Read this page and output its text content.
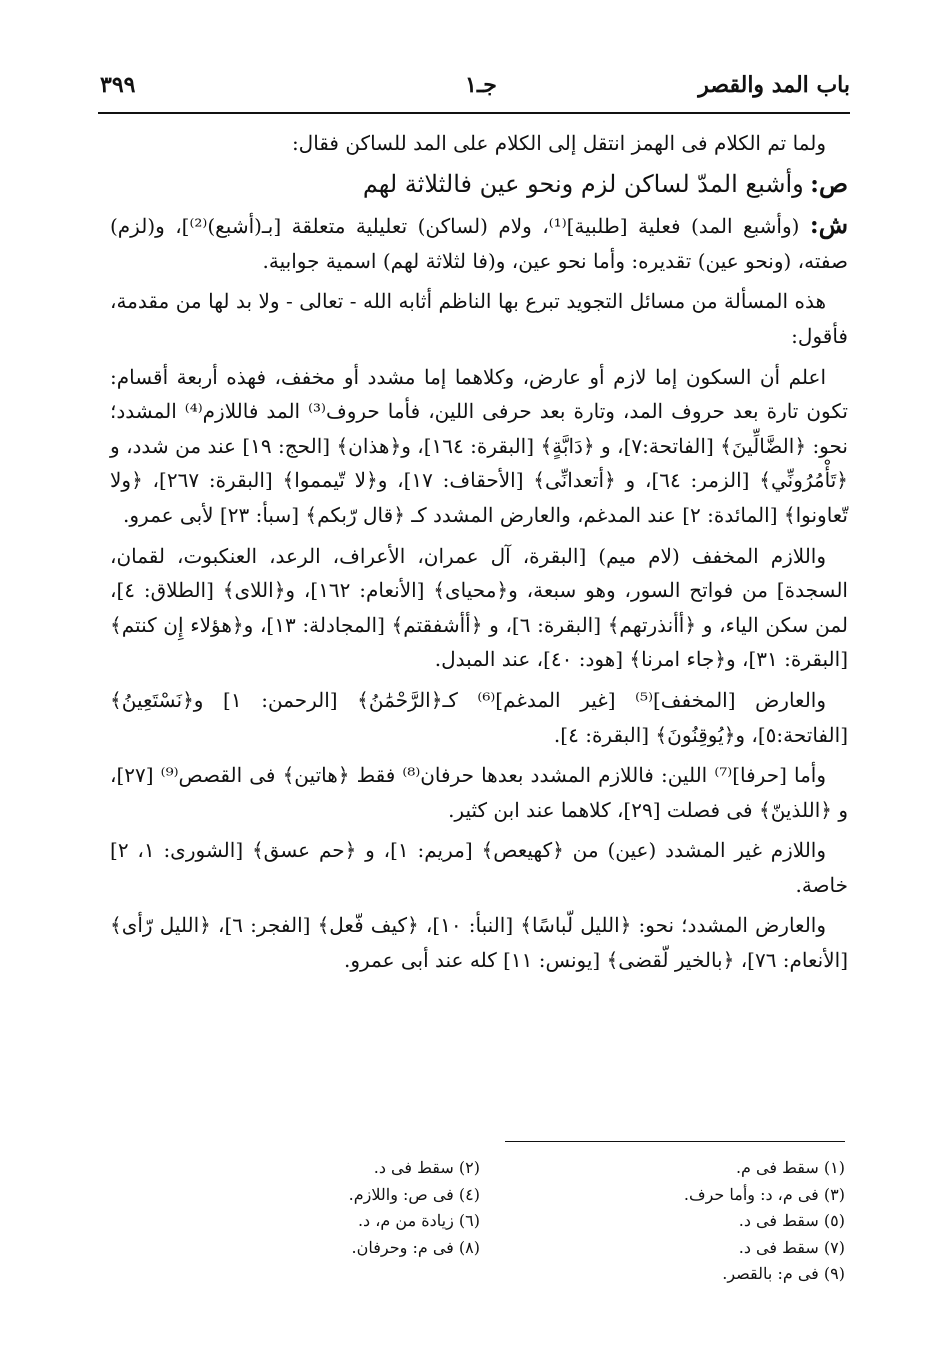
باب المد والقصر
جـ١
٣٩٩

ولما تم الكلام فى الهمز انتقل إلى الكلام على المد للساكن فقال:

ص: وأشبع المدّ لساكن لزم ونحو عين فالثلاثة لهم

ش: (وأشبع المد) فعلية [طلبية]⁽¹⁾، ولام (لساكن) تعليلية متعلقة [بـ(أشبع)⁽²⁾]، و(لزم) صفته، (ونحو عين) تقديره: وأما نحو عين، و(فا لثلاثة لهم) اسمية جوابية.

هذه المسألة من مسائل التجويد تبرع بها الناظم أثابه الله - تعالى - ولا بد لها من مقدمة، فأقول:

اعلم أن السكون إما لازم أو عارض، وكلاهما إما مشدد أو مخفف، فهذه أربعة أقسام: تكون تارة بعد حروف المد، وتارة بعد حرفى اللين، فأما حروف⁽³⁾ المد فاللازم⁽⁴⁾ المشدد؛ نحو: ﴿الضَّالِّينَ﴾ [الفاتحة:٧]، و ﴿دَابَّةٍ﴾ [البقرة: ١٦٤]، و﴿هذان﴾ [الحج: ١٩] عند من شدد، و ﴿تَأْمُرُونِّي﴾ [الزمر: ٦٤]، و ﴿أتعدانِّى﴾ [الأحقاف: ١٧]، و﴿لا تّيمموا﴾ [البقرة: ٢٦٧]، ﴿ولا تّعاونوا﴾ [المائدة: ٢] عند المدغم، والعارض المشدد كـ ﴿قال رّبكم﴾ [سبأ: ٢٣] لأبى عمرو.

واللازم المخفف (لام ميم) [البقرة، آل عمران، الأعراف، الرعد، العنكبوت، لقمان، السجدة] من فواتح السور، وهو سبعة، و﴿محياى﴾ [الأنعام: ١٦٢]، و﴿اللاى﴾ [الطلاق: ٤]، لمن سكن الياء، و ﴿أأنذرتهم﴾ [البقرة: ٦]، و ﴿أأشفقتم﴾ [المجادلة: ١٣]، و﴿هؤلاء إِن كنتم﴾ [البقرة: ٣١]، و﴿جاء امرنا﴾ [هود: ٤٠]، عند المبدل.

والعارض [المخفف]⁽⁵⁾ [غير المدغم]⁽⁶⁾ كـ﴿الرَّحْمَٰنُ﴾ [الرحمن: ١] و﴿نَسْتَعِينُ﴾ [الفاتحة:٥]، و﴿يُوقِنُونَ﴾ [البقرة: ٤].

وأما [حرفا]⁽⁷⁾ اللين: فاللازم المشدد بعدها حرفان⁽⁸⁾ فقط ﴿هاتين﴾ فى القصص⁽⁹⁾ [٢٧]، و ﴿اللذينّ﴾ فى فصلت [٢٩]، كلاهما عند ابن كثير.

واللازم غير المشدد (عين) من ﴿كهيعص﴾ [مريم: ١]، و ﴿حم عسق﴾ [الشورى: ١، ٢] خاصة.

والعارض المشدد؛ نحو: ﴿الليل لّباسًا﴾ [النبأ: ١٠]، ﴿كيف فّعل﴾ [الفجر: ٦]، ﴿الليل رّأى﴾ [الأنعام: ٧٦]، ﴿بالخير لّقضى﴾ [يونس: ١١] كله عند أبى عمرو.

(١) سقط فى م.
(٢) سقط فى د.
(٣) فى م، د: وأما حرف.
(٤) فى ص: واللازم.
(٥) سقط فى د.
(٦) زيادة من م، د.
(٧) سقط فى د.
(٨) فى م: وحرفان.
(٩) فى م: بالقصر.
